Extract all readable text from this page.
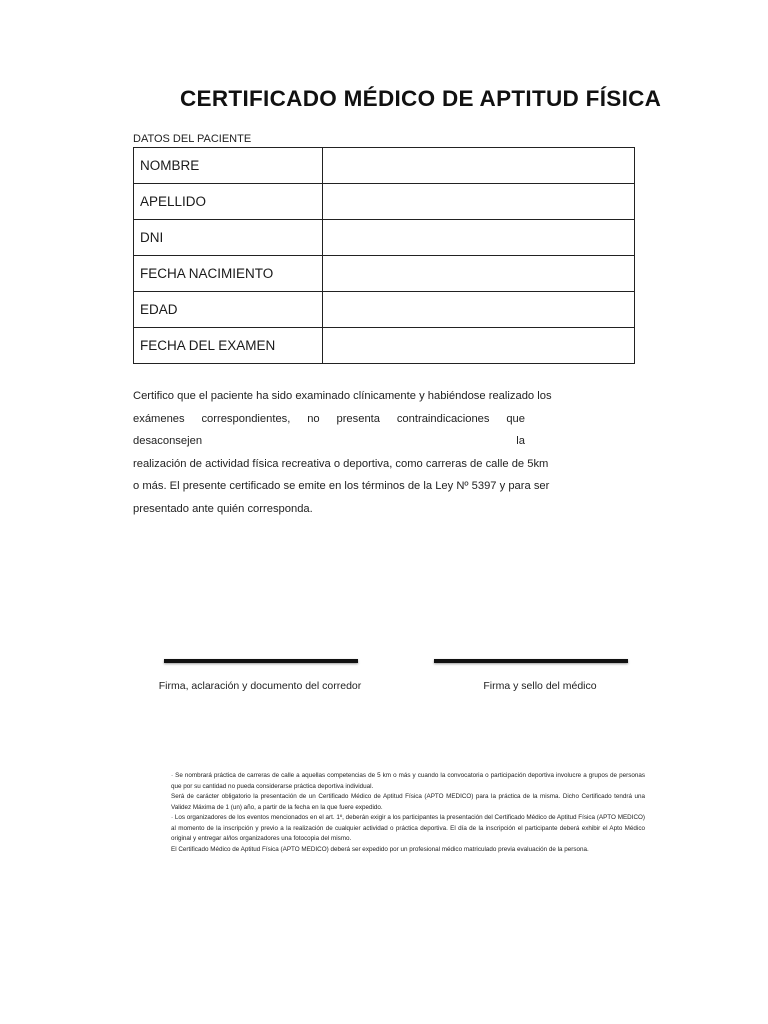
CERTIFICADO MÉDICO DE APTITUD FÍSICA
DATOS DEL PACIENTE
NOMBRE	
APELLIDO	
DNI	
FECHA NACIMIENTO	
EDAD	
FECHA DEL EXAMEN	
Certifico que el paciente ha sido examinado clínicamente y habiéndose realizado los
exámenes correspondientes, no presenta contraindicaciones que desaconsejen la
realización de actividad física recreativa o deportiva, como carreras de calle de 5km
o más. El presente certificado se emite en los términos de la Ley Nº 5397 y para ser
presentado ante quién corresponda.
Firma, aclaración y documento del corredor	Firma y sello del médico
· Se nombrará práctica de carreras de calle a aquellas competencias de 5 km o más y cuando la convocatoria o participación deportiva involucre a grupos de personas que por su cantidad no pueda considerarse práctica deportiva individual.
Será de carácter obligatorio la presentación de un Certificado Médico de Aptitud Física (APTO MEDICO) para la práctica de la misma. Dicho Certificado tendrá una Validez Máxima de 1 (un) año, a partir de la fecha en la que fuere expedido.
· Los organizadores de los eventos mencionados en el art. 1º, deberán exigir a los participantes la presentación del Certificado Médico de Aptitud Física (APTO MEDICO) al momento de la inscripción y previo a la realización de cualquier actividad o práctica deportiva. El día de la inscripción el participante deberá exhibir el Apto Médico original y entregar al/los organizadores una fotocopia del mismo.
El Certificado Médico de Aptitud Física (APTO MEDICO) deberá ser expedido por un profesional médico matriculado previa evaluación de la persona.
